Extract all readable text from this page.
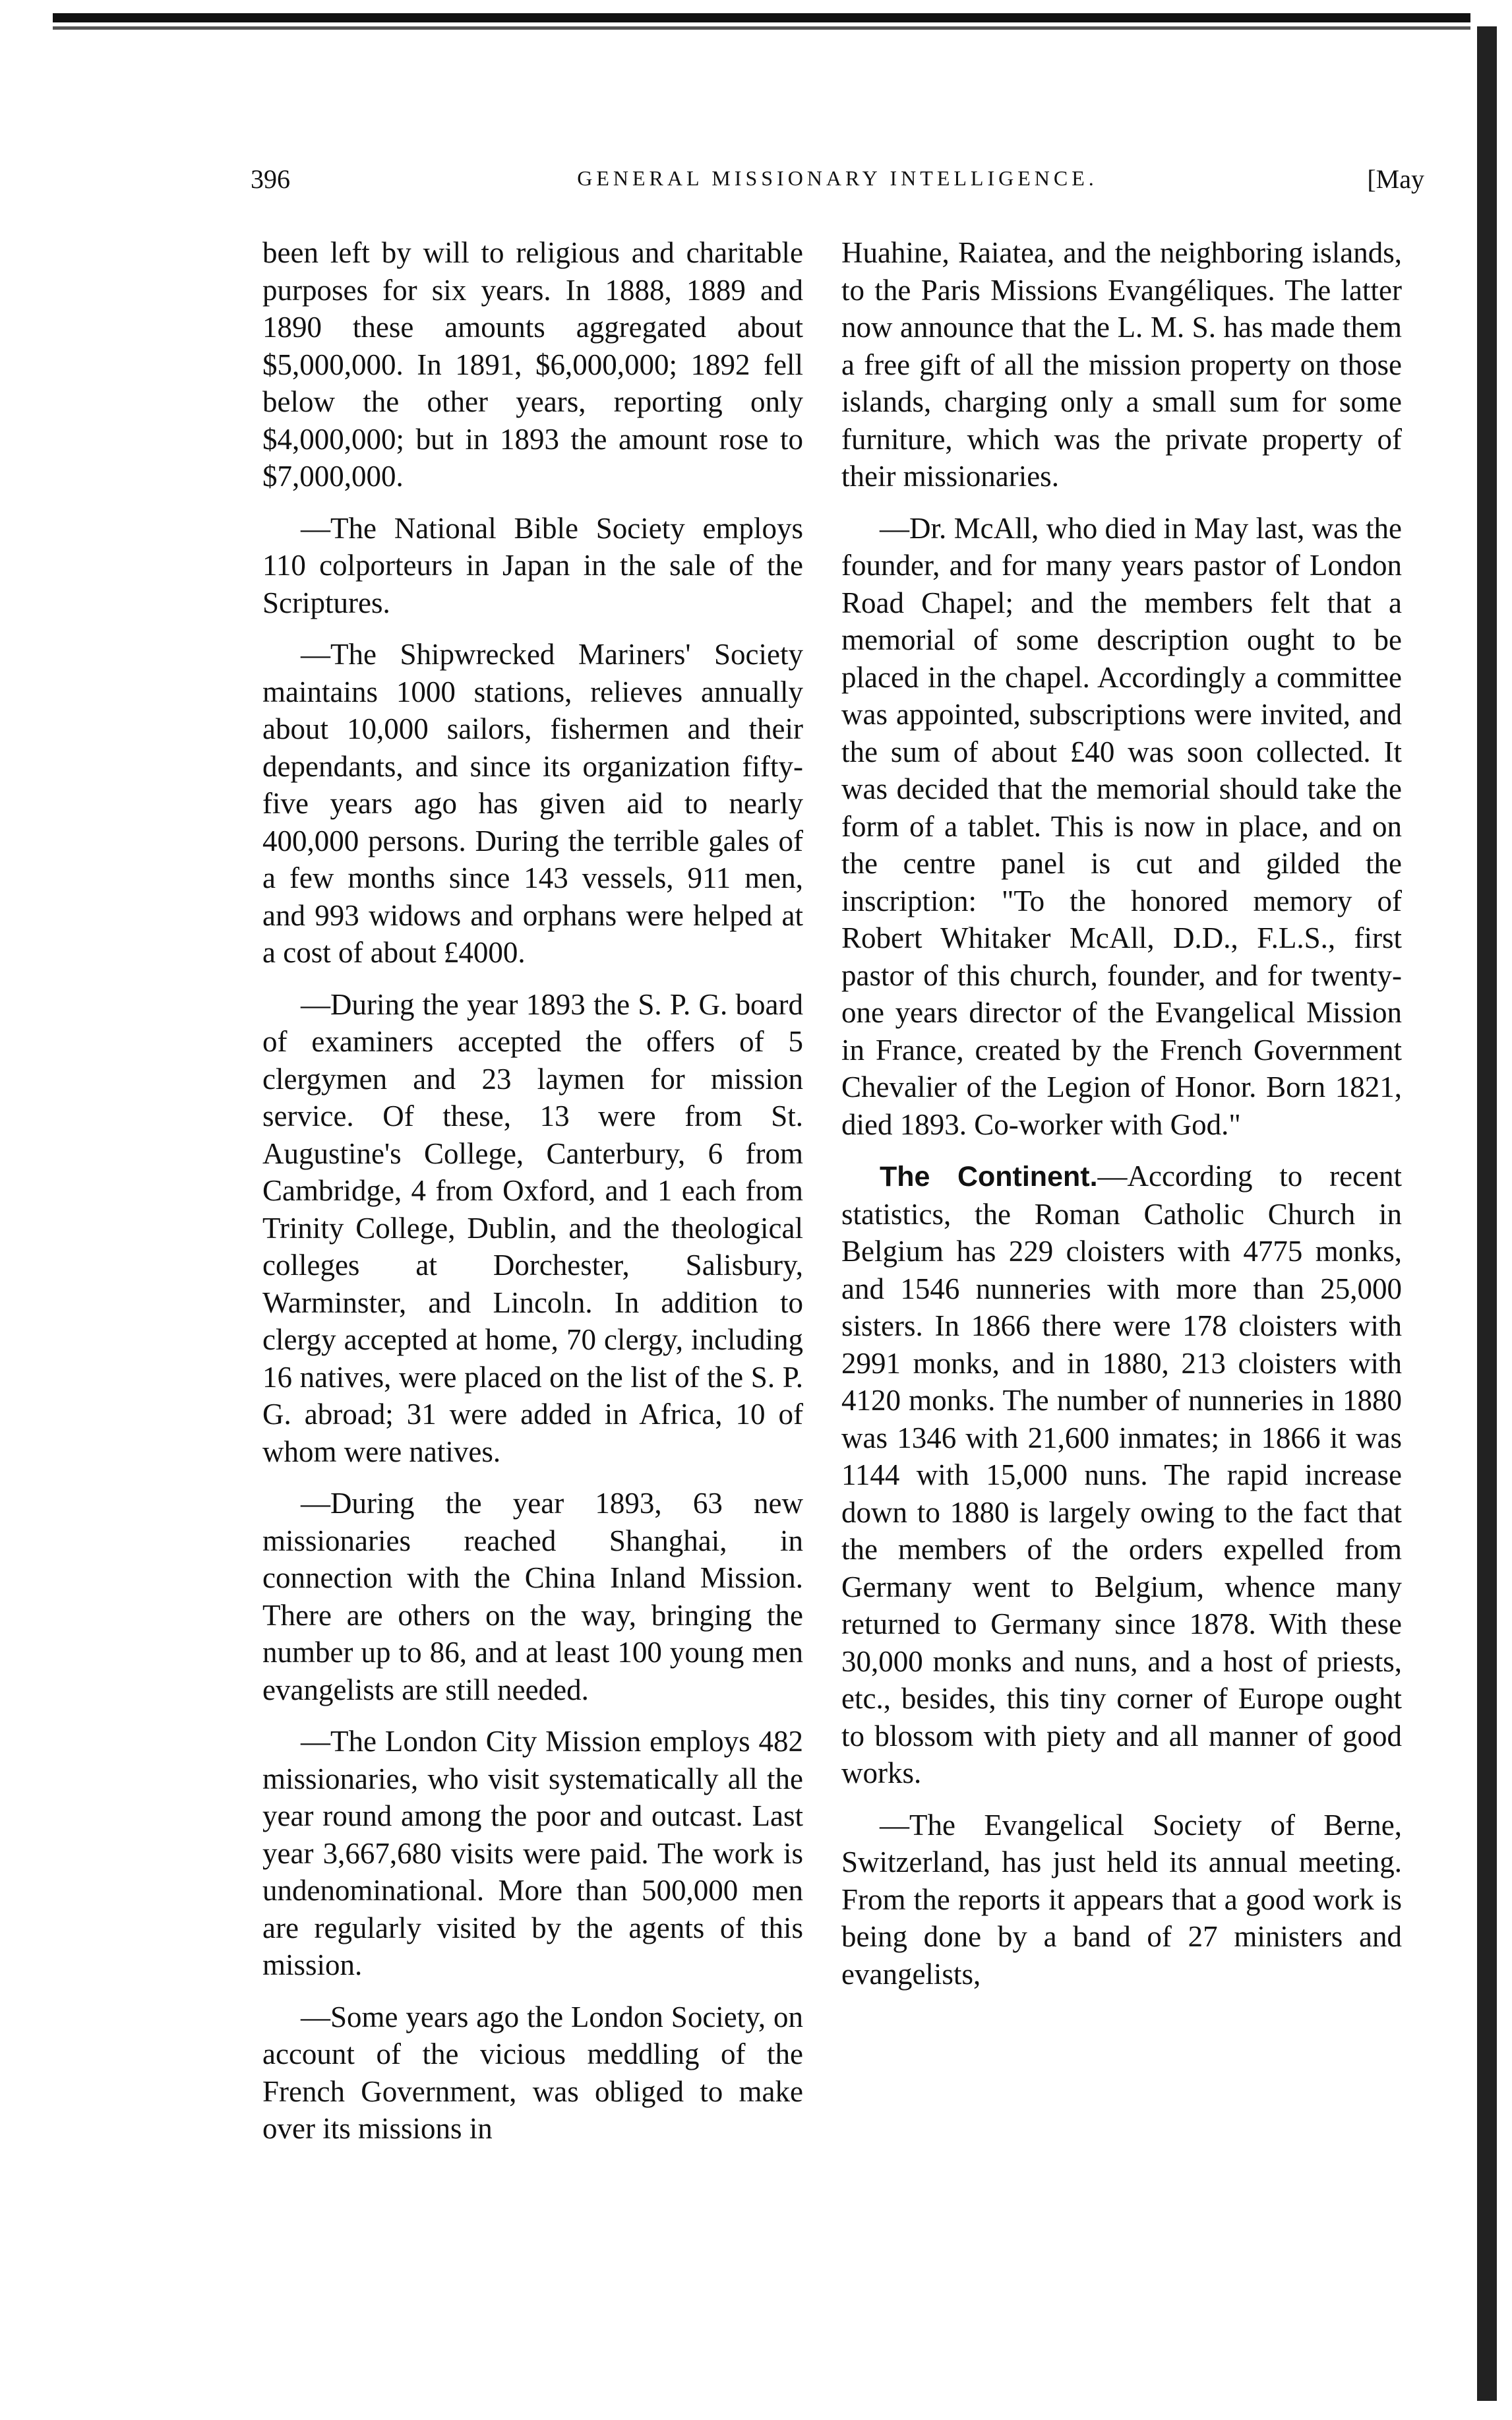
396	GENERAL MISSIONARY INTELLIGENCE.	[May

been left by will to religious and charitable purposes for six years. In 1888, 1889 and 1890 these amounts aggregated about $5,000,000. In 1891, $6,000,000; 1892 fell below the other years, reporting only $4,000,000; but in 1893 the amount rose to $7,000,000.

—The National Bible Society employs 110 colporteurs in Japan in the sale of the Scriptures.

—The Shipwrecked Mariners' Society maintains 1000 stations, relieves annually about 10,000 sailors, fishermen and their dependants, and since its organization fifty-five years ago has given aid to nearly 400,000 persons. During the terrible gales of a few months since 143 vessels, 911 men, and 993 widows and orphans were helped at a cost of about £4000.

—During the year 1893 the S. P. G. board of examiners accepted the offers of 5 clergymen and 23 laymen for mission service. Of these, 13 were from St. Augustine's College, Canterbury, 6 from Cambridge, 4 from Oxford, and 1 each from Trinity College, Dublin, and the theological colleges at Dorchester, Salisbury, Warminster, and Lincoln. In addition to clergy accepted at home, 70 clergy, including 16 natives, were placed on the list of the S. P. G. abroad; 31 were added in Africa, 10 of whom were natives.

—During the year 1893, 63 new missionaries reached Shanghai, in connection with the China Inland Mission. There are others on the way, bringing the number up to 86, and at least 100 young men evangelists are still needed.

—The London City Mission employs 482 missionaries, who visit systematically all the year round among the poor and outcast. Last year 3,667,680 visits were paid. The work is undenominational. More than 500,000 men are regularly visited by the agents of this mission.

—Some years ago the London Society, on account of the vicious meddling of the French Government, was obliged to make over its missions in

Huahine, Raiatea, and the neighboring islands, to the Paris Missions Evangéliques. The latter now announce that the L. M. S. has made them a free gift of all the mission property on those islands, charging only a small sum for some furniture, which was the private property of their missionaries.

—Dr. McAll, who died in May last, was the founder, and for many years pastor of London Road Chapel; and the members felt that a memorial of some description ought to be placed in the chapel. Accordingly a committee was appointed, subscriptions were invited, and the sum of about £40 was soon collected. It was decided that the memorial should take the form of a tablet. This is now in place, and on the centre panel is cut and gilded the inscription: "To the honored memory of Robert Whitaker McAll, D.D., F.L.S., first pastor of this church, founder, and for twenty-one years director of the Evangelical Mission in France, created by the French Government Chevalier of the Legion of Honor. Born 1821, died 1893. Co-worker with God."

The Continent.—According to recent statistics, the Roman Catholic Church in Belgium has 229 cloisters with 4775 monks, and 1546 nunneries with more than 25,000 sisters. In 1866 there were 178 cloisters with 2991 monks, and in 1880, 213 cloisters with 4120 monks. The number of nunneries in 1880 was 1346 with 21,600 inmates; in 1866 it was 1144 with 15,000 nuns. The rapid increase down to 1880 is largely owing to the fact that the members of the orders expelled from Germany went to Belgium, whence many returned to Germany since 1878. With these 30,000 monks and nuns, and a host of priests, etc., besides, this tiny corner of Europe ought to blossom with piety and all manner of good works.

—The Evangelical Society of Berne, Switzerland, has just held its annual meeting. From the reports it appears that a good work is being done by a band of 27 ministers and evangelists,
